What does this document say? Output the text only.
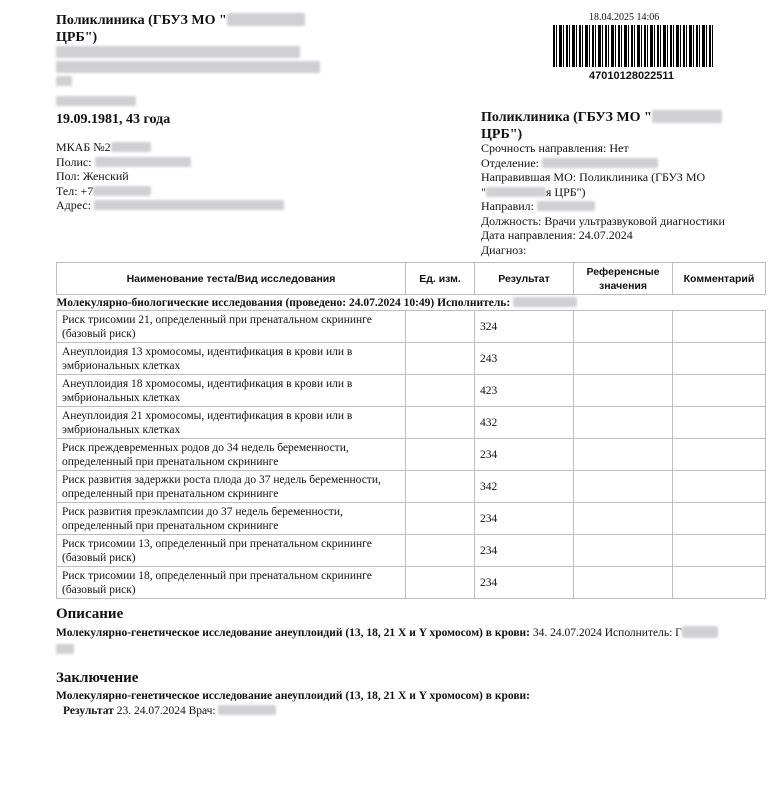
Поликлиника (ГБУЗ МО "
ЦРБ")
19.09.1981, 43 года
МКАБ №2
Полис:
Пол: Женский
Тел: +7
Адрес:
18.04.2025 14:06
47010128022511
Поликлиника (ГБУЗ МО "
ЦРБ")
Срочность направления: Нет
Отделение:
Направившая МО: Поликлиника (ГБУЗ МО
"	я ЦРБ")
Направил:
Должность: Врачи ультразвуковой диагностики
Дата направления: 24.07.2024
Диагноз:
Наименование теста/Вид исследования	Ед. изм.	Результат	Референсные значения	Комментарий
Молекулярно-биологические исследования (проведено: 24.07.2024 10:49) Исполнитель:				
Риск трисомии 21, определенный при пренатальном скрининге (базовый риск)		324		
Анеуплоидия 13 хромосомы, идентификация в крови или в эмбриональных клетках		243		
Анеуплоидия 18 хромосомы, идентификация в крови или в эмбриональных клетках		423		
Анеуплоидия 21 хромосомы, идентификация в крови или в эмбриональных клетках		432		
Риск преждевременных родов до 34 недель беременности, определенный при пренатальном скрининге		234		
Риск развития задержки роста плода до 37 недель беременности, определенный при пренатальном скрининге		342		
Риск развития преэклампсии до 37 недель беременности, определенный при пренатальном скрининге		234		
Риск трисомии 13, определенный при пренатальном скрининге (базовый риск)		234		
Риск трисомии 18, определенный при пренатальном скрининге (базовый риск)		234		
Описание
Молекулярно-генетическое исследование анеуплоидий (13, 18, 21 X и Y хромосом) в крови: 34. 24.07.2024 Исполнитель: Г
Заключение
Молекулярно-генетическое исследование анеуплоидий (13, 18, 21 X и Y хромосом) в крови:
Результат 23. 24.07.2024 Врач:
